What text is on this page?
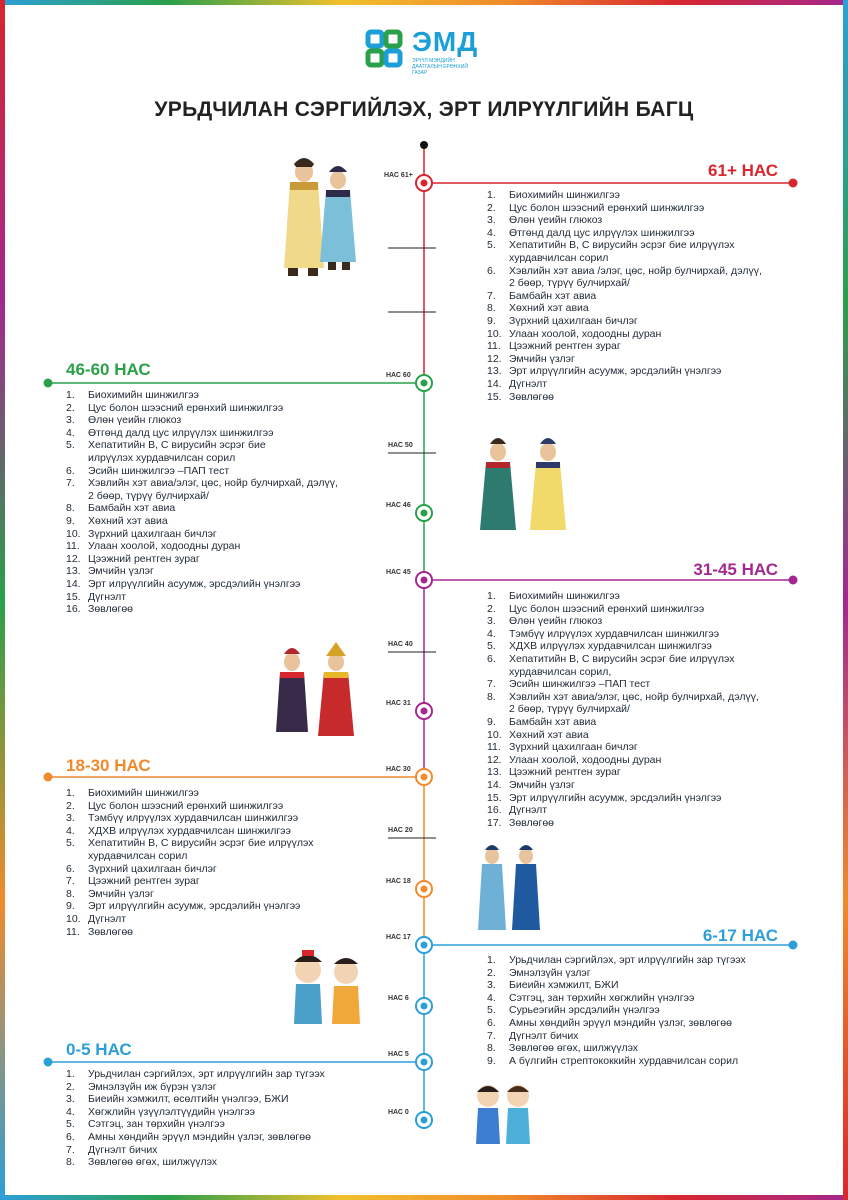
ЭМД
ЭРҮҮЛ МЭНДИЙН ДААТГАЛЫН ЕРӨНХИЙ ГАЗАР
УРЬДЧИЛАН СЭРГИЙЛЭХ, ЭРТ ИЛРҮҮЛГИЙН БАГЦ
НАС 61+
НАС 60
НАС 50
НАС 46
НАС 45
НАС 40
НАС 31
НАС 30
НАС 20
НАС 18
НАС 17
НАС 6
НАС 5
НАС 0
61+ НАС
46-60 НАС
31-45 НАС
18-30 НАС
6-17 НАС
0-5 НАС
1. Биохимийн шинжилгээ
2. Цус болон шээсний ерөнхий шинжилгээ
3. Өлөн үеийн глюкоз
4. Өтгөнд далд цус илрүүлэх шинжилгээ
5. Хепатитийн В, С вирусийн эсрэг бие илрүүлэх
хурдавчилсан сорил
6. Хэвлийн хэт авиа /элэг, цөс, нойр булчирхай, дэлүү,
2 бөөр, түрүү булчирхай/
7. Бамбайн хэт авиа
8. Хөхний хэт авиа
9. Зүрхний цахилгаан бичлэг
10. Улаан хоолой, ходоодны дуран
11. Цээжний рентген зураг
12. Эмчийн үзлэг
13. Эрт илрүүлгийн асуумж, эрсдэлийн үнэлгээ
14. Дүгнэлт
15. Зөвлөгөө
1. Биохимийн шинжилгээ
2. Цус болон шээсний ерөнхий шинжилгээ
3. Өлөн үеийн глюкоз
4. Өтгөнд далд цус илрүүлэх шинжилгээ
5. Хепатитийн В, С вирусийн эсрэг бие
илрүүлэх хурдавчилсан сорил
6. Эсийн шинжилгээ –ПАП тест
7. Хэвлийн хэт авиа/элэг, цөс, нойр булчирхай, дэлүү,
2 бөөр, түрүү булчирхай/
8. Бамбайн хэт авиа
9. Хөхний хэт авиа
10. Зүрхний цахилгаан бичлэг
11. Улаан хоолой, ходоодны дуран
12. Цээжний рентген зураг
13. Эмчийн үзлэг
14. Эрт илрүүлгийн асуумж, эрсдэлийн үнэлгээ
15. Дүгнэлт
16. Зөвлөгөө
1. Биохимийн шинжилгээ
2. Цус болон шээсний ерөнхий шинжилгээ
3. Өлөн үеийн глюкоз
4. Тэмбүү илрүүлэх хурдавчилсан шинжилгээ
5. ХДХВ илрүүлэх хурдавчилсан шинжилгээ
6. Хепатитийн В, С вирусийн эсрэг бие илрүүлэх
хурдавчилсан сорил,
7. Эсийн шинжилгээ –ПАП тест
8. Хэвлийн хэт авиа/элэг, цөс, нойр булчирхай, дэлүү,
2 бөөр, түрүү булчирхай/
9. Бамбайн хэт авиа
10. Хөхний хэт авиа
11. Зүрхний цахилгаан бичлэг
12. Улаан хоолой, ходоодны дуран
13. Цээжний рентген зураг
14. Эмчийн үзлэг
15. Эрт илрүүлгийн асуумж, эрсдэлийн үнэлгээ
16. Дүгнэлт
17. Зөвлөгөө
1. Биохимийн шинжилгээ
2. Цус болон шээсний ерөнхий шинжилгээ
3. Тэмбүү илрүүлэх хурдавчилсан шинжилгээ
4. ХДХВ илрүүлэх хурдавчилсан шинжилгээ
5. Хепатитийн В, С вирусийн эсрэг бие илрүүлэх
хурдавчилсан сорил
6. Зүрхний цахилгаан бичлэг
7. Цээжний рентген зураг
8. Эмчийн үзлэг
9. Эрт илрүүлгийн асуумж, эрсдэлийн үнэлгээ
10. Дүгнэлт
11. Зөвлөгөө
1. Урьдчилан сэргийлэх, эрт илрүүлгийн зар түгээх
2. Эмнэлзүйн үзлэг
3. Биеийн хэмжилт, БЖИ
4. Сэтгэц, зан төрхийн хөгжлийн үнэлгээ
5. Сурьеэгийн эрсдэлийн үнэлгээ
6. Амны хөндийн эрүүл мэндийн үзлэг, зөвлөгөө
7. Дүгнэлт бичих
8. Зөвлөгөө өгөх, шилжүүлэх
9. А бүлгийн стрептококкийн хурдавчилсан сорил
1. Урьдчилан сэргийлэх, эрт илрүүлгийн зар түгээх
2. Эмнэлзүйн иж бүрэн үзлэг
3. Биеийн хэмжилт, өсөлтийн үнэлгээ, БЖИ
4. Хөгжлийн үзүүлэлтүүдийн үнэлгээ
5. Сэтгэц, зан төрхийн үнэлгээ
6. Амны хөндийн эрүүл мэндийн үзлэг, зөвлөгөө
7. Дүгнэлт бичих
8. Зөвлөгөө өгөх, шилжүүлэх
